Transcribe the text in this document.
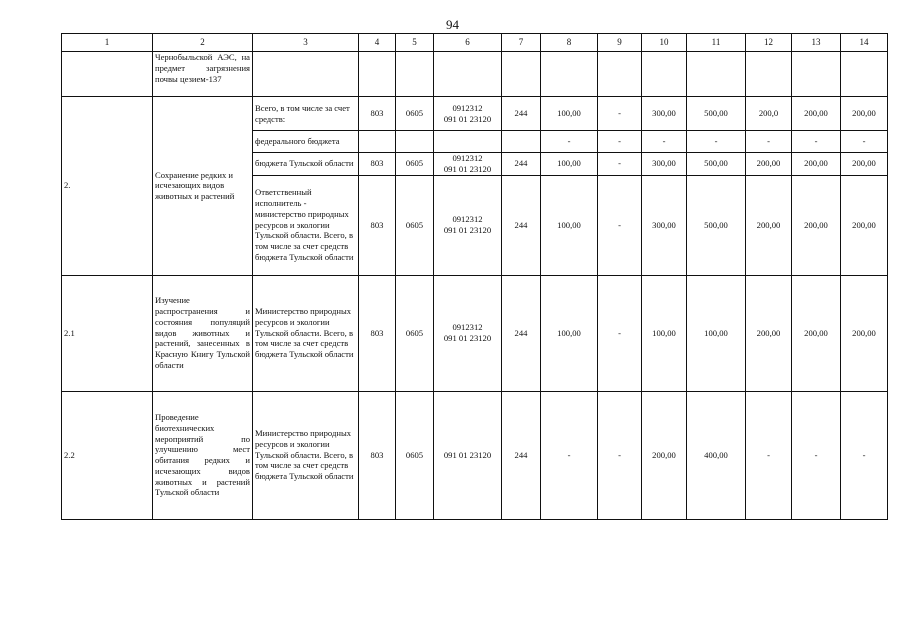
94
1	2	3	4	5	6	7	8	9	10	11	12	13	14
	Чернобыльской АЭС, на предмет загрязнения почвы цезием-137												
2.	Сохранение редких и исчезающих видов животных и растений	Всего, в том числе за счет средств:	803	0605	0912312
091 01 23120	244	100,00	-	300,00	500,00	200,0	200,00	200,00
		федерального бюджета					-	-	-	-	-	-	-
		бюджета Тульской области	803	0605	0912312
091 01 23120	244	100,00	-	300,00	500,00	200,00	200,00	200,00
		Ответственный исполнитель - министерство природных ресурсов и экологии Тульской области. Всего, в том числе за счет средств бюджета Тульской области	803	0605	0912312
091 01 23120	244	100,00	-	300,00	500,00	200,00	200,00	200,00
2.1	Изучение распространения и состояния популяций видов животных и растений, занесенных в Красную Книгу Тульской области	Министерство природных ресурсов и экологии Тульской области. Всего, в том числе за счет средств бюджета Тульской области	803	0605	0912312
091 01 23120	244	100,00	-	100,00	100,00	200,00	200,00	200,00
2.2	Проведение биотехнических мероприятий по улучшению мест обитания редких и исчезающих видов животных и растений Тульской области	Министерство природных ресурсов и экологии Тульской области. Всего, в том числе за счет средств бюджета Тульской области	803	0605	091 01 23120	244	-	-	200,00	400,00	-	-	-
